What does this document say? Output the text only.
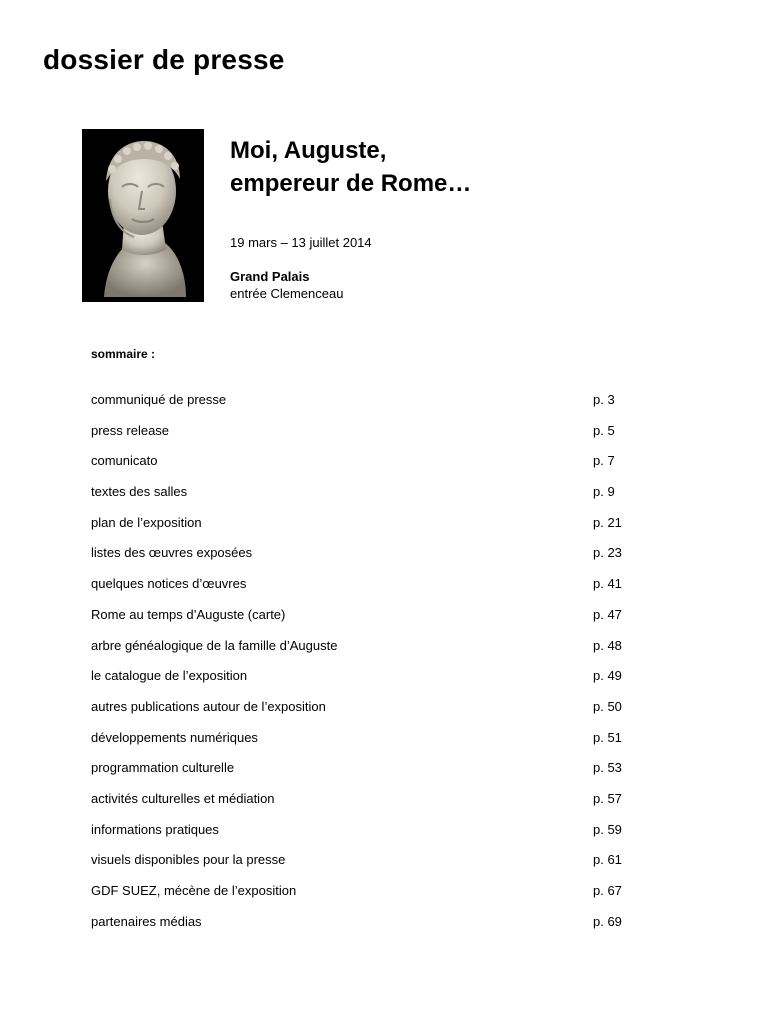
dossier de presse
Moi, Auguste,
empereur de Rome…
19 mars – 13 juillet 2014
Grand Palais
entrée Clemenceau
sommaire :
communiqué de presse	p. 3
press release	p. 5
comunicato	p. 7
textes des salles	p. 9
plan de l’exposition	p. 21
listes des œuvres exposées	p. 23
quelques notices d’œuvres	p. 41
Rome au temps d’Auguste (carte)	p. 47
arbre généalogique de la famille d’Auguste	p. 48
le catalogue de l’exposition	p. 49
autres publications autour de l’exposition	p. 50
développements numériques	p. 51
programmation culturelle	p. 53
activités culturelles et médiation	p. 57
informations pratiques	p. 59
visuels disponibles pour la presse	p. 61
GDF SUEZ, mécène de l’exposition	p. 67
partenaires médias	p. 69
